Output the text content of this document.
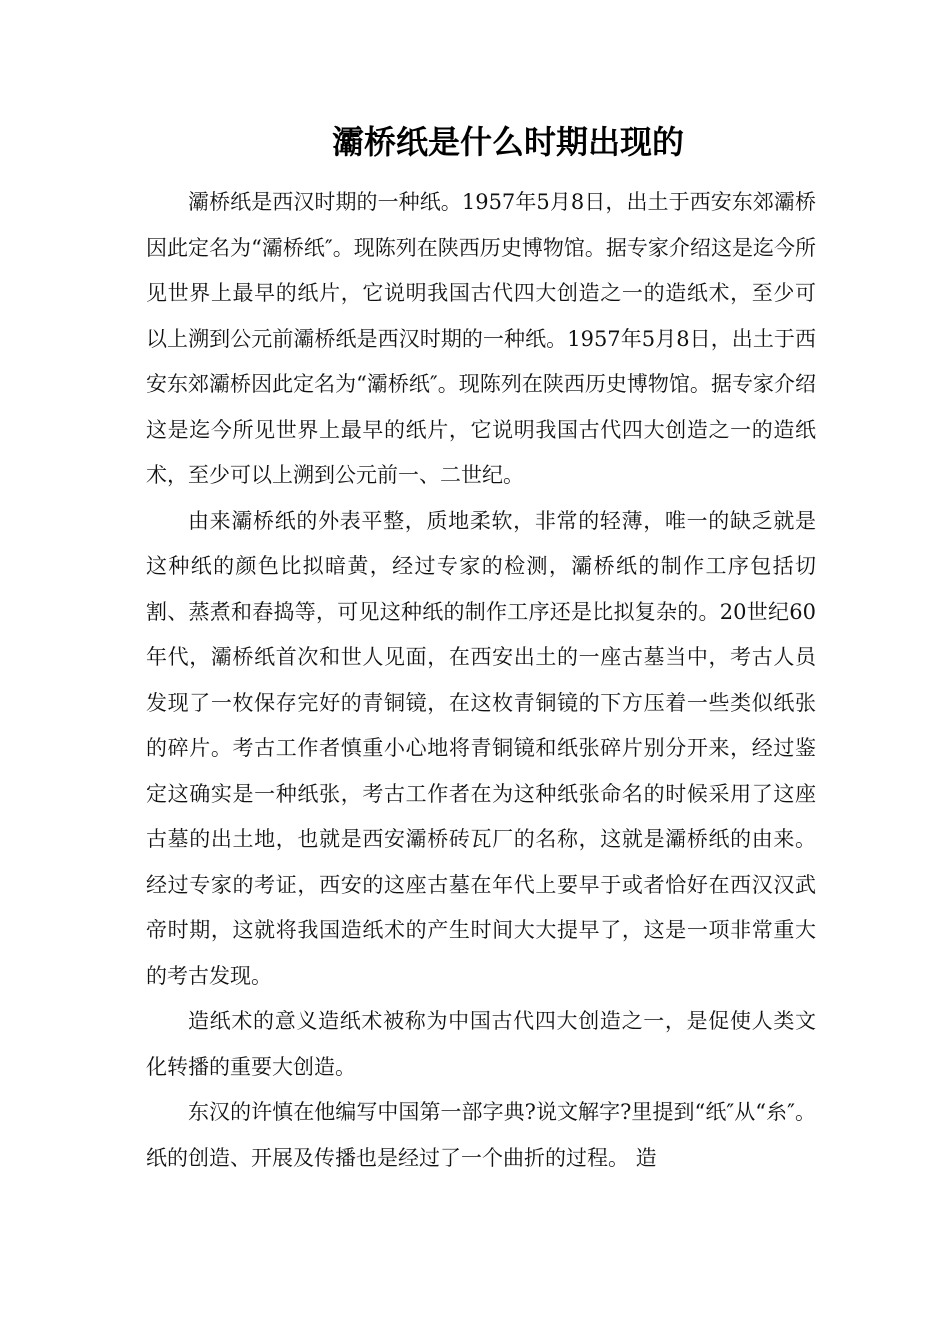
灞桥纸是什么时期出现的

灞桥纸是西汉时期的一种纸。1957年5月8日，出土于西安东郊灞桥因此定名为“灞桥纸″。现陈列在陕西历史博物馆。据专家介绍这是迄今所见世界上最早的纸片，它说明我国古代四大创造之一的造纸术，至少可以上溯到公元前灞桥纸是西汉时期的一种纸。1957年5月8日，出土于西安东郊灞桥因此定名为“灞桥纸″。现陈列在陕西历史博物馆。据专家介绍这是迄今所见世界上最早的纸片，它说明我国古代四大创造之一的造纸术，至少可以上溯到公元前一、二世纪。

由来灞桥纸的外表平整，质地柔软，非常的轻薄，唯一的缺乏就是这种纸的颜色比拟暗黄，经过专家的检测，灞桥纸的制作工序包括切割、蒸煮和舂捣等，可见这种纸的制作工序还是比拟复杂的。20世纪60年代，灞桥纸首次和世人见面，在西安出土的一座古墓当中，考古人员发现了一枚保存完好的青铜镜，在这枚青铜镜的下方压着一些类似纸张的碎片。考古工作者慎重小心地将青铜镜和纸张碎片别分开来，经过鉴定这确实是一种纸张，考古工作者在为这种纸张命名的时候采用了这座古墓的出土地，也就是西安灞桥砖瓦厂的名称，这就是灞桥纸的由来。经过专家的考证，西安的这座古墓在年代上要早于或者恰好在西汉汉武帝时期，这就将我国造纸术的产生时间大大提早了，这是一项非常重大的考古发现。

造纸术的意义造纸术被称为中国古代四大创造之一，是促使人类文化转播的重要大创造。

东汉的许慎在他编写中国第一部字典?说文解字?里提到“纸″从“糸″。纸的创造、开展及传播也是经过了一个曲折的过程。 造
